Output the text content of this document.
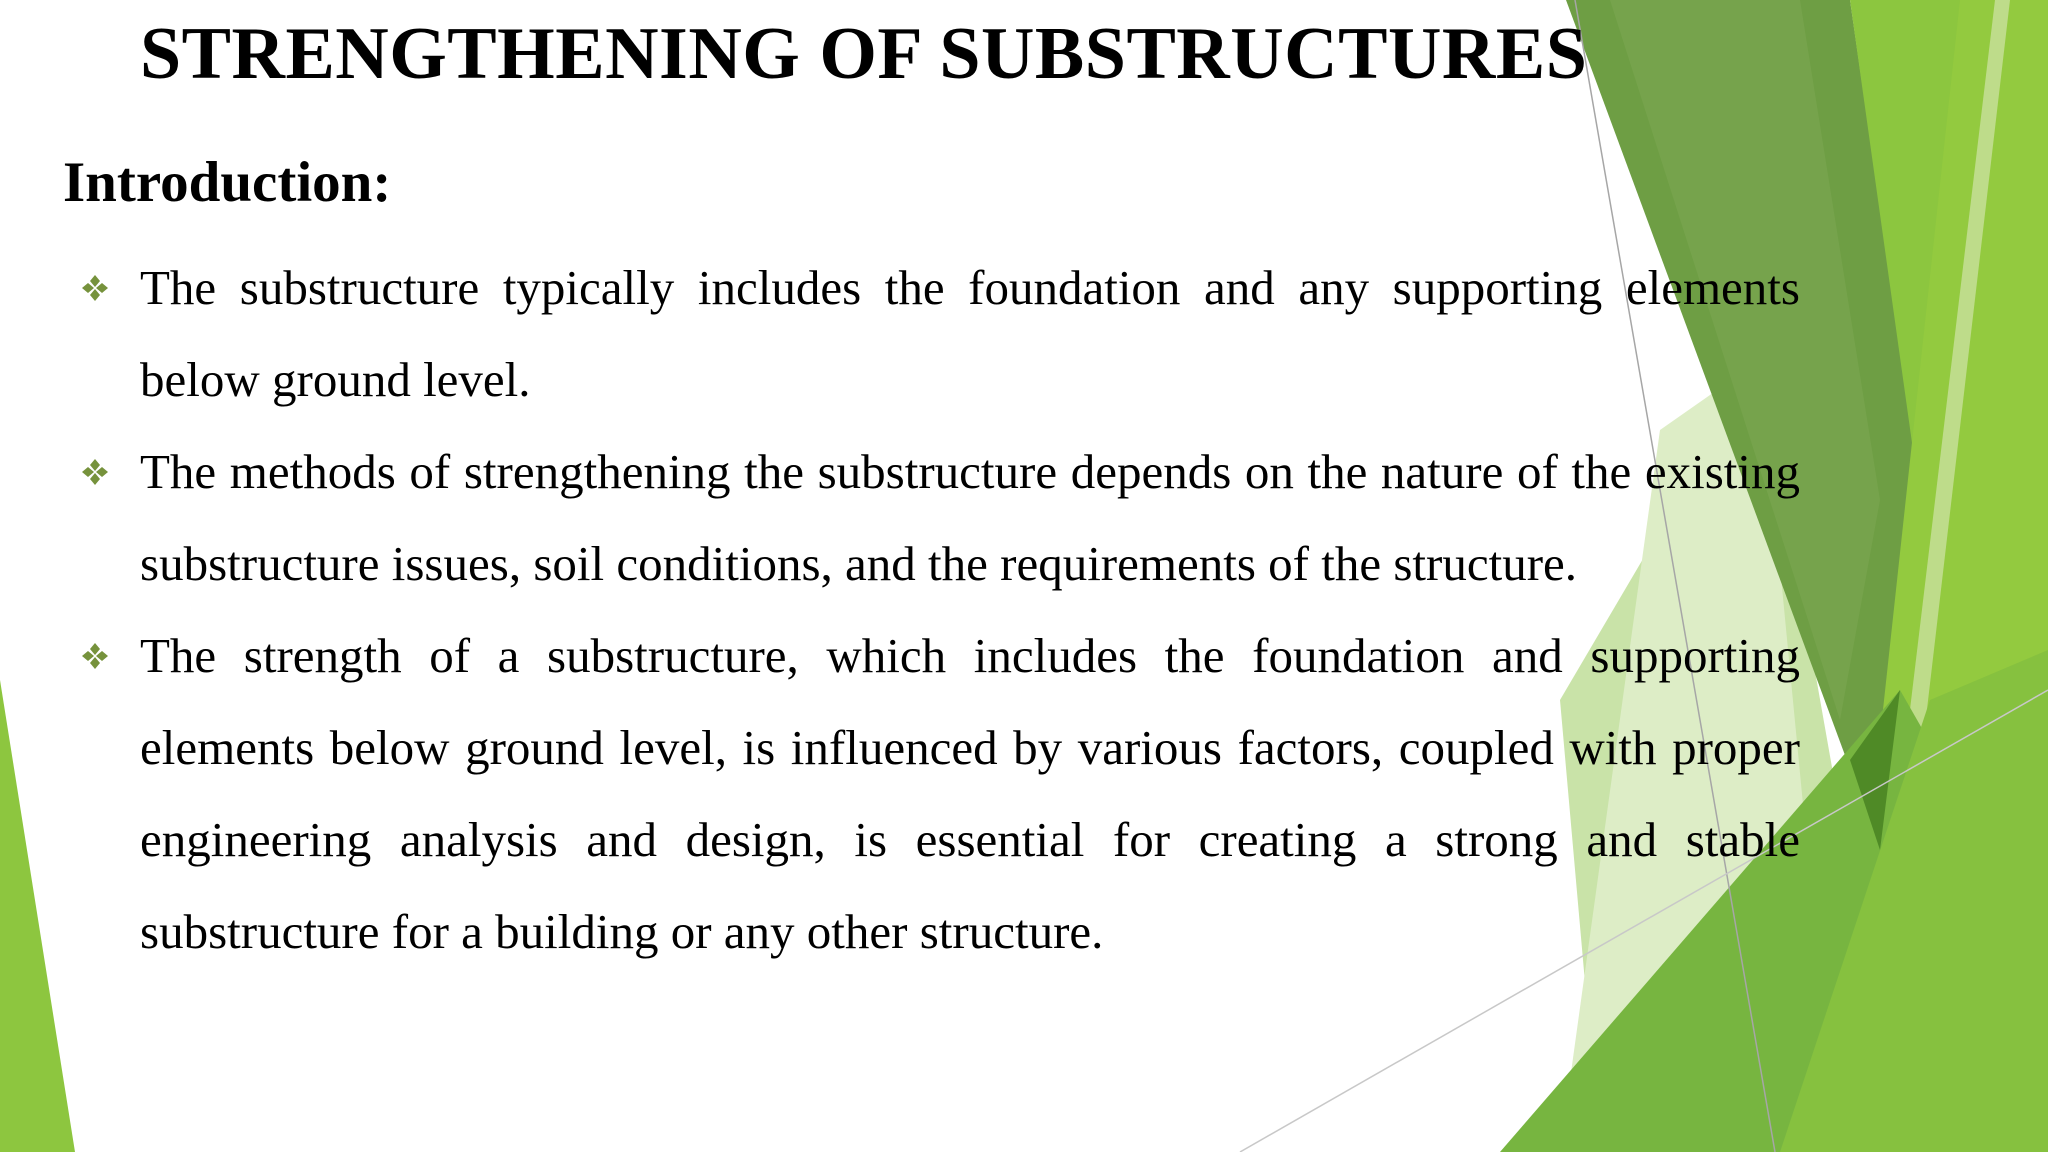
STRENGTHENING OF SUBSTRUCTURES
Introduction:
The substructure typically includes the foundation and any supporting elements below ground level.
The methods of strengthening the substructure depends on the nature of the existing substructure issues, soil conditions, and the requirements of the structure.
The strength of a substructure, which includes the foundation and supporting elements below ground level, is influenced by various factors, coupled with proper engineering analysis and design, is essential for creating a strong and stable substructure for a building or any other structure.
